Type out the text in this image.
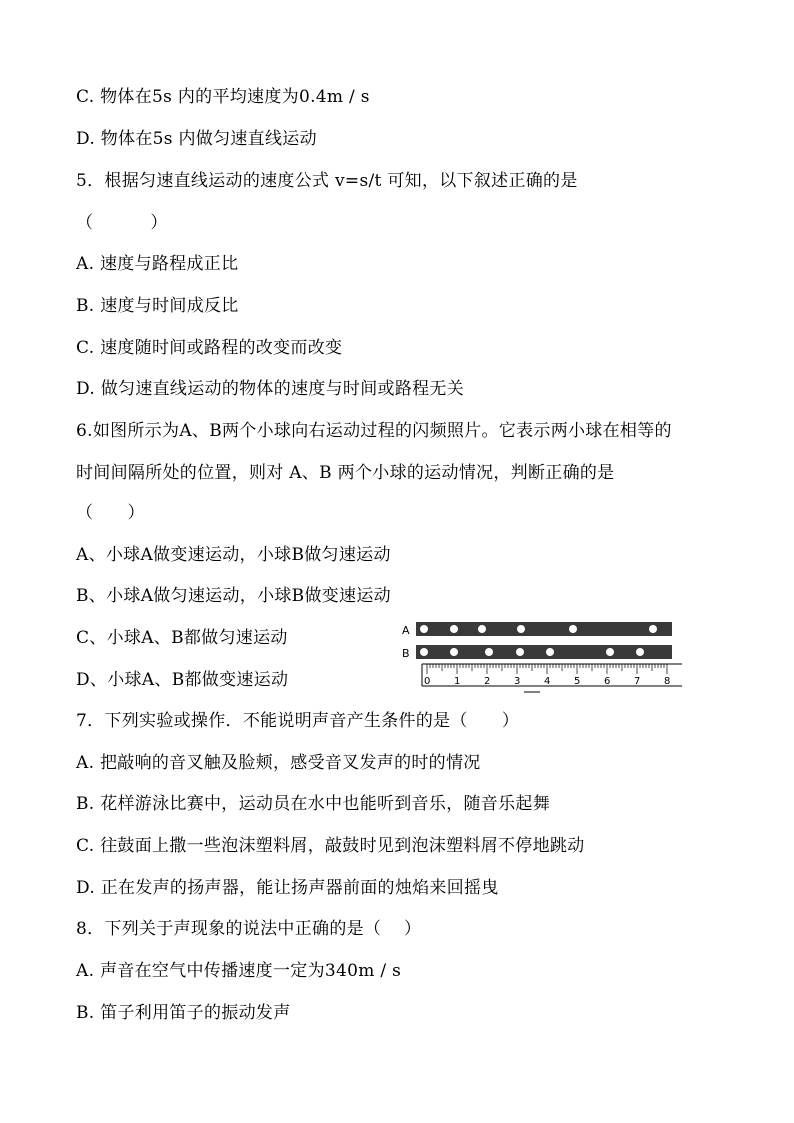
C. 物体在5s 内的平均速度为0.4m / s
D. 物体在5s 内做匀速直线运动
5．根据匀速直线运动的速度公式 v=s/t 可知，以下叙述正确的是
（          ）
A. 速度与路程成正比
B. 速度与时间成反比
C. 速度随时间或路程的改变而改变
D. 做匀速直线运动的物体的速度与时间或路程无关
6.如图所示为A、B两个小球向右运动过程的闪频照片。它表示两小球在相等的
时间间隔所处的位置，则对 A、B 两个小球的运动情况，判断正确的是
（      ）
A、小球A做变速运动，小球B做匀速运动
B、小球A做匀速运动，小球B做变速运动
C、小球A、B都做匀速运动
D、小球A、B都做变速运动
7．下列实验或操作．不能说明声音产生条件的是（      ）
A. 把敲响的音叉触及脸颊，感受音叉发声的时的情况
B. 花样游泳比赛中，运动员在水中也能听到音乐，随音乐起舞
C. 往鼓面上撒一些泡沫塑料屑，敲鼓时见到泡沫塑料屑不停地跳动
D. 正在发声的扬声器，能让扬声器前面的烛焰来回摇曳
8．下列关于声现象的说法中正确的是（    ）
A. 声音在空气中传播速度一定为340m / s
B. 笛子利用笛子的振动发声
A
B
0 1 2 3 4 5 6 7 8
